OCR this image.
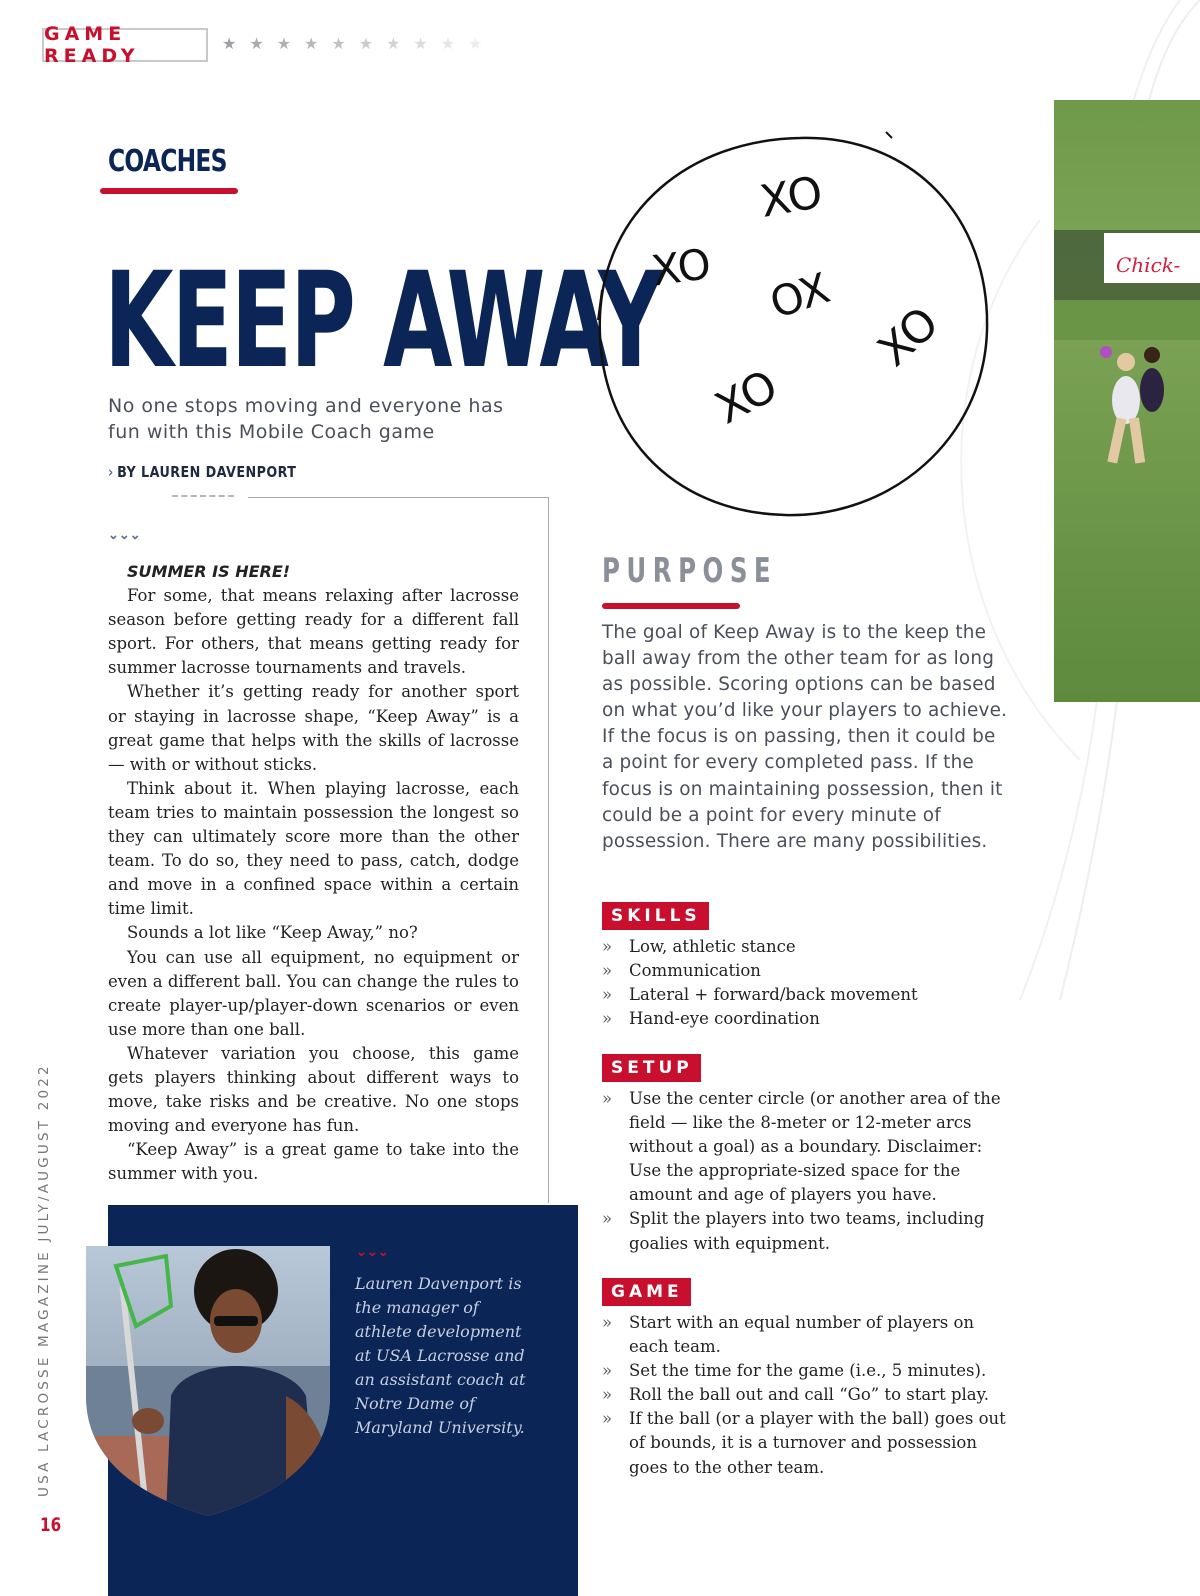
GAME READY
★ ★ ★ ★ ★ ★ ★ ★ ★ ★
COACHES
KEEP AWAY
No one stops moving and everyone has fun with this Mobile Coach game
› BY LAUREN DAVENPORT
⌄⌄⌄

SUMMER IS HERE!

For some, that means relaxing after lacrosse season before getting ready for a different fall sport. For others, that means getting ready for summer lacrosse tournaments and travels.

Whether it’s getting ready for another sport or staying in lacrosse shape, “Keep Away” is a great game that helps with the skills of lacrosse — with or without sticks.

Think about it. When playing lacrosse, each team tries to maintain possession the longest so they can ultimately score more than the other team. To do so, they need to pass, catch, dodge and move in a confined space within a certain time limit.

Sounds a lot like “Keep Away,” no?

You can use all equipment, no equipment or even a different ball. You can change the rules to create player-up/player-down scenarios or even use more than one ball.

Whatever variation you choose, this game gets players thinking about different ways to move, take risks and be creative. No one stops moving and everyone has fun.

“Keep Away” is a great game to take into the summer with you.

⌄⌄⌄
Lauren Davenport is the manager of athlete development at USA Lacrosse and an assistant coach at Notre Dame of Maryland University.
USA LACROSSE MAGAZINE JULY/AUGUST 2022
16
XO
XO OX
XO
XO
Chick-
PURPOSE
The goal of Keep Away is to the keep the ball away from the other team for as long as possible. Scoring options can be based on what you’d like your players to achieve. If the focus is on passing, then it could be a point for every completed pass. If the focus is on maintaining possession, then it could be a point for every minute of possession. There are many possibilities.
SKILLS
» Low, athletic stance
» Communication
» Lateral + forward/back movement
» Hand-eye coordination
SETUP
» Use the center circle (or another area of the field — like the 8-meter or 12-meter arcs without a goal) as a boundary. Disclaimer: Use the appropriate-sized space for the amount and age of players you have.
» Split the players into two teams, including goalies with equipment.
GAME
» Start with an equal number of players on each team.
» Set the time for the game (i.e., 5 minutes).
» Roll the ball out and call “Go” to start play.
» If the ball (or a player with the ball) goes out of bounds, it is a turnover and possession goes to the other team.
